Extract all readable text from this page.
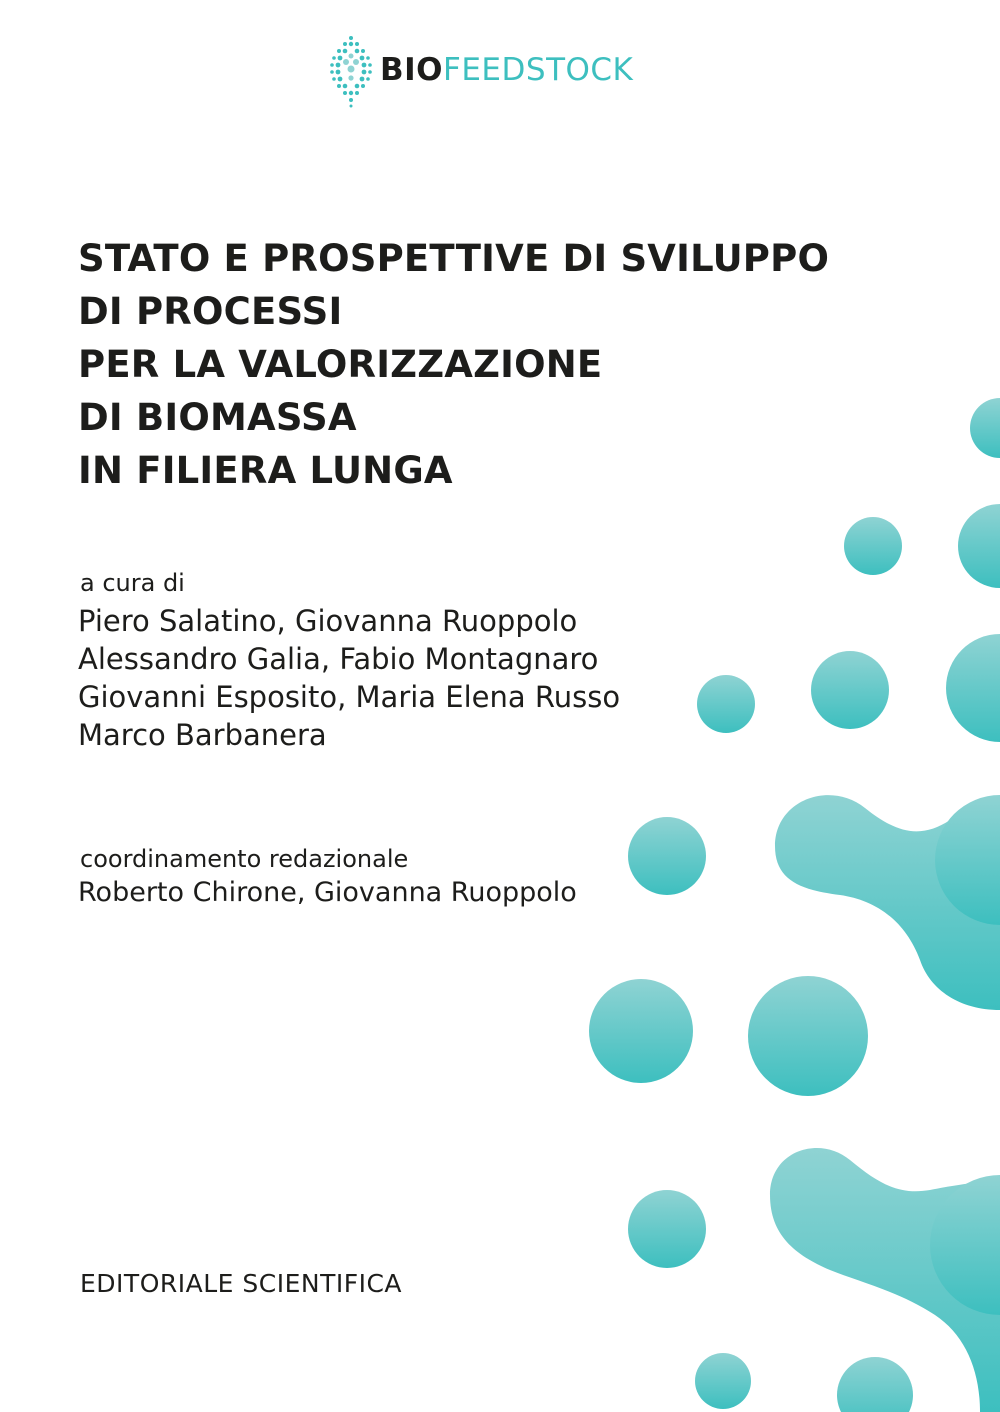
BIOFEEDSTOCK
STATO E PROSPETTIVE DI SVILUPPO
DI PROCESSI
PER LA VALORIZZAZIONE
DI BIOMASSA
IN FILIERA LUNGA
a cura di
Piero Salatino, Giovanna Ruoppolo
Alessandro Galia, Fabio Montagnaro
Giovanni Esposito, Maria Elena Russo
Marco Barbanera
coordinamento redazionale
Roberto Chirone, Giovanna Ruoppolo
EDITORIALE SCIENTIFICA
